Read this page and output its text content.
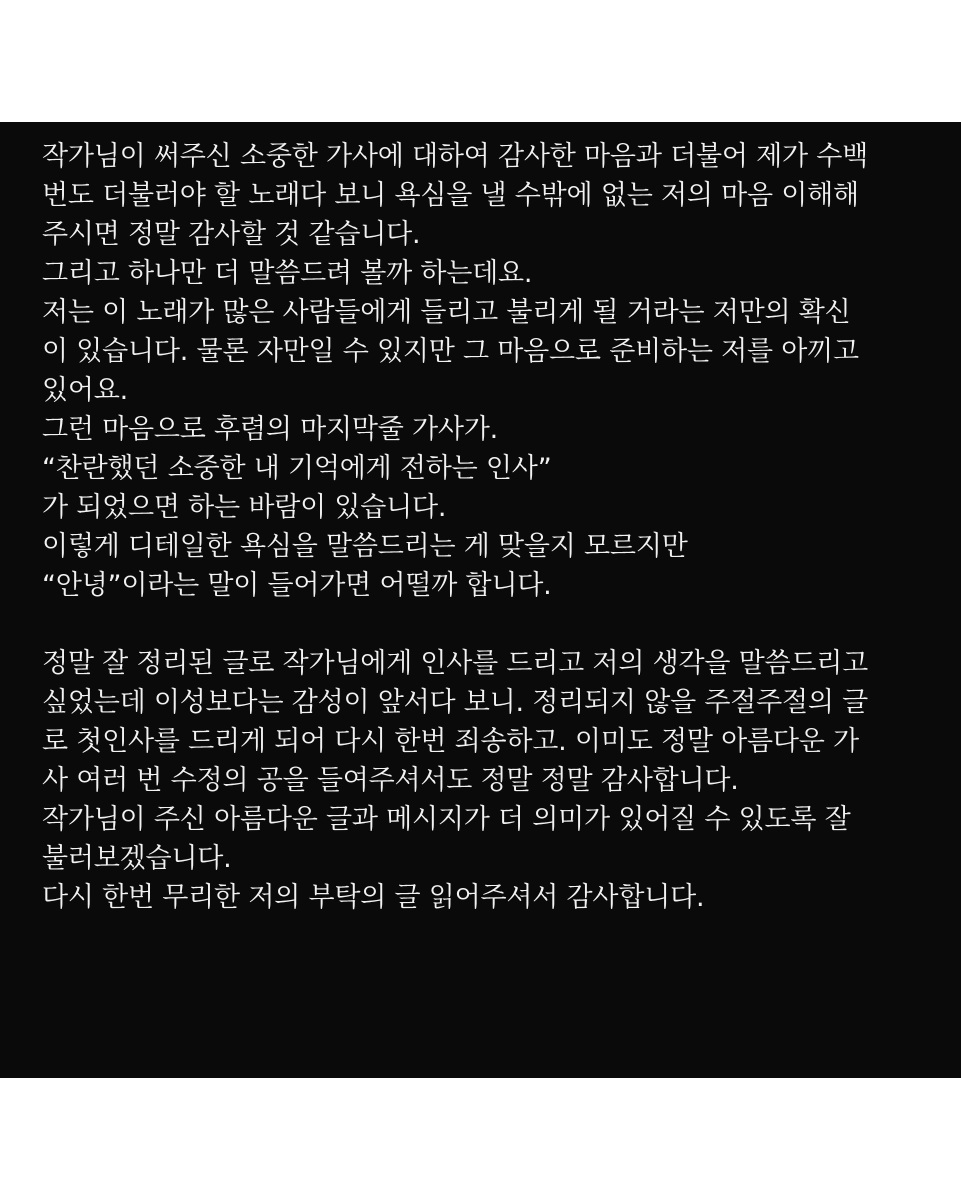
작가님이 써주신 소중한 가사에 대하여 감사한 마음과 더불어 제가 수백
번도 더불러야 할 노래다 보니 욕심을 낼 수밖에 없는 저의 마음 이해해
주시면 정말 감사할 것 같습니다.
그리고 하나만 더 말씀드려 볼까 하는데요.
저는 이 노래가 많은 사람들에게 들리고 불리게 될 거라는 저만의 확신
이 있습니다. 물론 자만일 수 있지만 그 마음으로 준비하는 저를 아끼고
있어요.
그런 마음으로 후렴의 마지막줄 가사가.
“찬란했던 소중한 내 기억에게 전하는 인사”
가 되었으면 하는 바람이 있습니다.
이렇게 디테일한 욕심을 말씀드리는 게 맞을지 모르지만
“안녕”이라는 말이 들어가면 어떨까 합니다.
정말 잘 정리된 글로 작가님에게 인사를 드리고 저의 생각을 말씀드리고
싶었는데 이성보다는 감성이 앞서다 보니. 정리되지 않을 주절주절의 글
로 첫인사를 드리게 되어 다시 한번 죄송하고. 이미도 정말 아름다운 가
사 여러 번 수정의 공을 들여주셔서도 정말 정말 감사합니다.
작가님이 주신 아름다운 글과 메시지가 더 의미가 있어질 수 있도록 잘
불러보겠습니다.
다시 한번 무리한 저의 부탁의 글 읽어주셔서 감사합니다.
